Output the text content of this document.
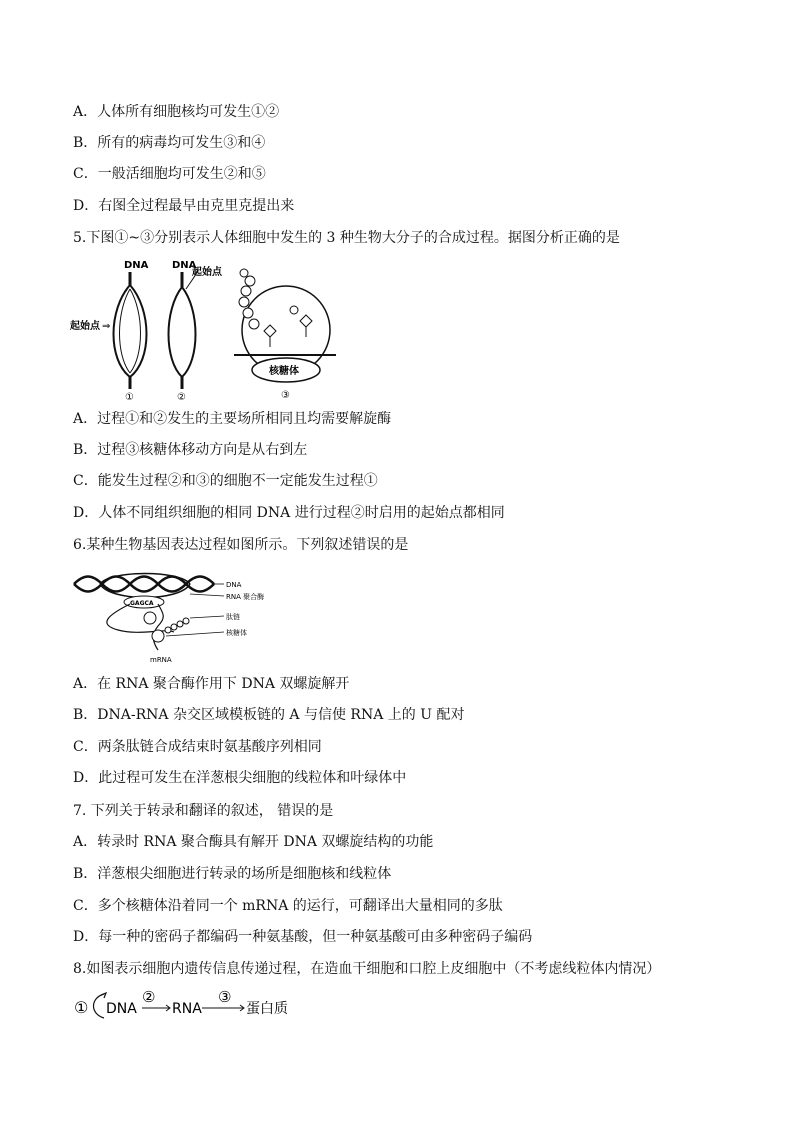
A．人体所有细胞核均可发生①②
B．所有的病毒均可发生③和④
C．一般活细胞均可发生②和⑤
D．右图全过程最早由克里克提出来
5.下图①~③分别表示人体细胞中发生的 3 种生物大分子的合成过程。据图分析正确的是
DNA
起始点 ⇒
①
DNA
起始点
②
核糖体
③
A．过程①和②发生的主要场所相同且均需要解旋酶
B．过程③核糖体移动方向是从右到左
C．能发生过程②和③的细胞不一定能发生过程①
D．人体不同组织细胞的相同 DNA 进行过程②时启用的起始点都相同
6.某种生物基因表达过程如图所示。下列叙述错误的是
GAGCA
DNA
RNA 聚合酶
肽链
核糖体
mRNA
A．在 RNA 聚合酶作用下 DNA 双螺旋解开
B．DNA-RNA 杂交区域模板链的 A 与信使 RNA 上的 U 配对
C．两条肽链合成结束时氨基酸序列相同
D．此过程可发生在洋葱根尖细胞的线粒体和叶绿体中
7. 下列关于转录和翻译的叙述， 错误的是
A．转录时 RNA 聚合酶具有解开 DNA 双螺旋结构的功能
B．洋葱根尖细胞进行转录的场所是细胞核和线粒体
C．多个核糖体沿着同一个 mRNA 的运行，可翻译出大量相同的多肽
D．每一种的密码子都编码一种氨基酸，但一种氨基酸可由多种密码子编码
8.如图表示细胞内遗传信息传递过程，在造血干细胞和口腔上皮细胞中（不考虑线粒体内情况）
① DNA
②
RNA
③
蛋白质
